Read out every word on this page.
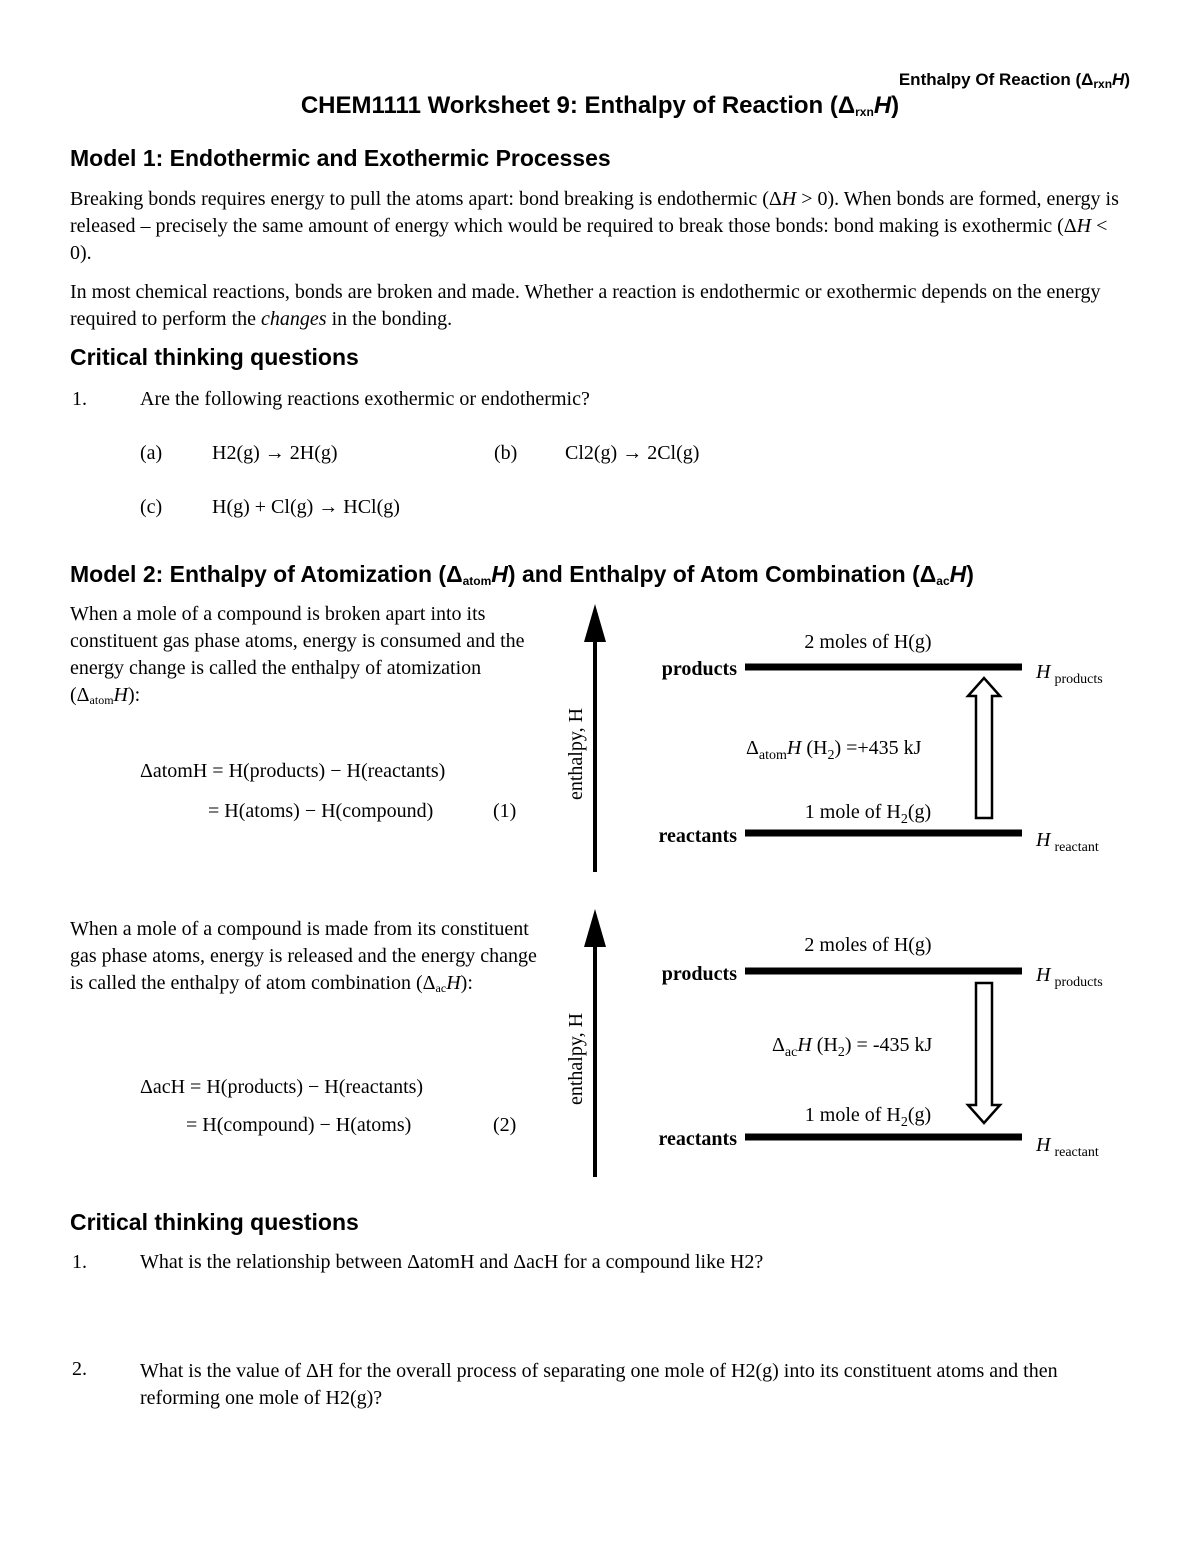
Enthalpy Of Reaction $(\Delta_{rxn}H)$
CHEM1111 Worksheet 9: Enthalpy of Reaction $(\Delta_{rxn}H)$
Model 1: Endothermic and Exothermic Processes

Breaking bonds requires energy to pull the atoms apart: bond breaking is endothermic (ΔH > 0). When bonds are formed, energy is released – precisely the same amount of energy which would be required to break those bonds: bond making is exothermic (ΔH < 0).

In most chemical reactions, bonds are broken and made. Whether a reaction is endothermic or exothermic depends on the energy required to perform the changes in the bonding.

Critical thinking questions
1.	Are the following reactions exothermic or endothermic?
(a) H2(g) → 2H(g)	(b) Cl2(g) → 2Cl(g)
(c) H(g) + Cl(g) → HCl(g)
Model 2: Enthalpy of Atomization $(\Delta_{atom}H)$ and Enthalpy of Atom Combination $(\Delta_{ac}H)$
When a mole of a compound is broken apart into its constituent gas phase atoms, energy is consumed and the energy change is called the enthalpy of atomization $(\Delta_{atom}H)$:
ΔatomH = H(products) − H(reactants)
= H(atoms) − H(compound)	(1)
When a mole of a compound is made from its constituent gas phase atoms, energy is released and the energy change is called the enthalpy of atom combination $(\Delta_{ac}H)$:
ΔacH = H(products) − H(reactants)
= H(compound) − H(atoms)	(2)
enthalpy, H
products
reactants
2 moles of H(g)
1 mole of $H_2(g)$
$\Delta_{atom}H$ $(H_2) =+435$ kJ
H $_{products}$
H $_{reactant}$
enthalpy, H
products
reactants
2 moles of H(g)
1 mole of $H_2(g)$
$\Delta_{ac}H$ $(H_2) = -435$ kJ
H $_{products}$
H $_{reactant}$
Critical thinking questions
1.	What is the relationship between ΔatomH and ΔacH for a compound like H2?
2.	What is the value of ΔH for the overall process of separating one mole of H2(g) into its constituent atoms and then reforming one mole of H2(g)?
